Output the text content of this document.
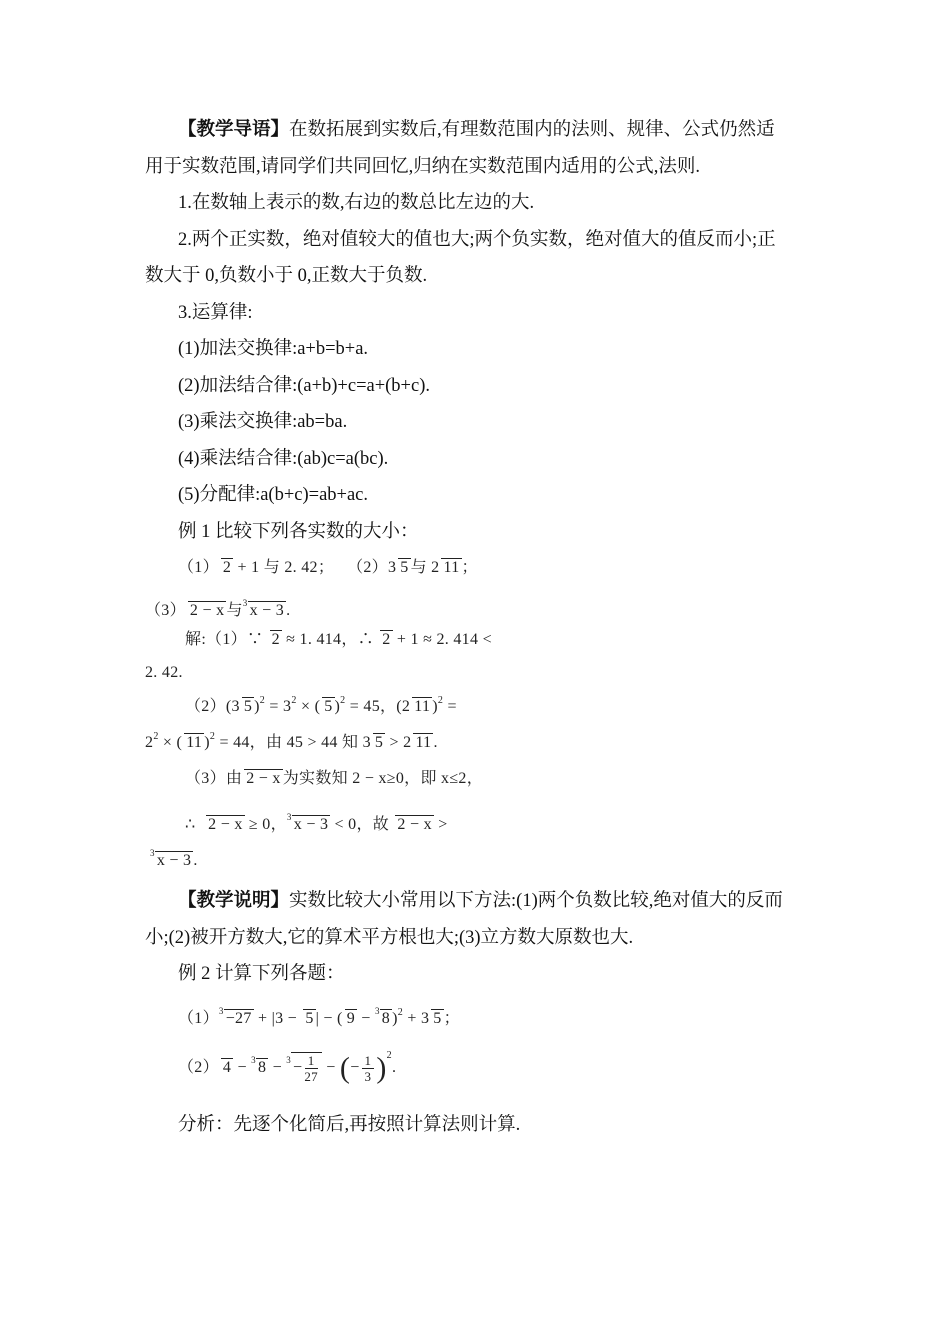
【教学导语】在数拓展到实数后,有理数范围内的法则、规律、公式仍然适
用于实数范围,请同学们共同回忆,归纳在实数范围内适用的公式,法则.
1.在数轴上表示的数,右边的数总比左边的大.
2.两个正实数，绝对值较大的值也大;两个负实数，绝对值大的值反而小;正
数大于 0,负数小于 0,正数大于负数.
3.运算律:
(1)加法交换律:a+b=b+a.
(2)加法结合律:(a+b)+c=a+(b+c).
(3)乘法交换律:ab=ba.
(4)乘法结合律:(ab)c=a(bc).
(5)分配律:a(b+c)=ab+ac.
例 1 比较下列各实数的大小：
（1） 2 + 1 与 2. 42； （2）3 5 与 2 11 ；
（3） 2 − x 与$^3$ x − 3 .
解:（1）∵ 2 ≈ 1. 414，∴ 2 + 1 ≈ 2. 414 <
2. 42.
（2）(3 5 )$^2 = 3^2$ × ( 5 )$^2$ = 45，(2 11 )$^2$ =
$2^2$ × ( 11 )$^2$ = 44，由 45 > 44 知 3 5 > 2 11 .
（3）由 2 − x 为实数知 2 − x≥0，即 x≤2，
∴  2 − x ≥ 0，$^3$ x − 3 < 0，故 2 − x >
$^3$ x − 3 .
【教学说明】实数比较大小常用以下方法:(1)两个负数比较,绝对值大的反而
小;(2)被开方数大,它的算术平方根也大;(3)立方数大原数也大.
例 2 计算下列各题：
$(1)^3 -27 + |3 - 5$ | − ( 9 − $^3$ 8 )$^2$ + 3 5 ；
（2） 4 − $^3$ $8 - ^3 - \frac{1}{27}$ − (− $\frac{1}{3} )^2$.
分析：先逐个化简后,再按照计算法则计算.
